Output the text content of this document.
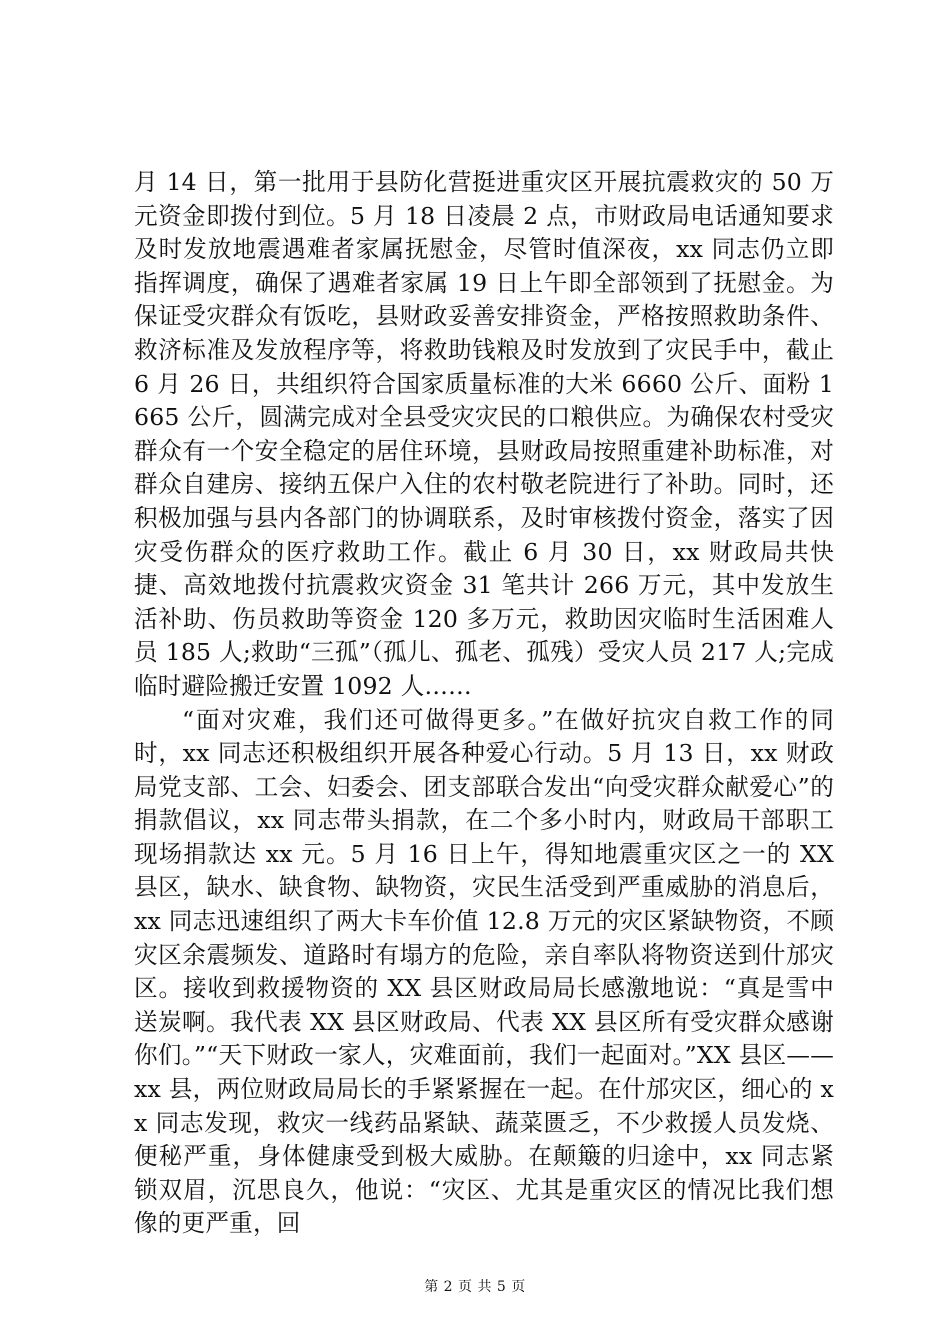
月 14 日，第一批用于县防化营挺进重灾区开展抗震救灾的 50 万元资金即拨付到位。5 月 18 日凌晨 2 点，市财政局电话通知要求及时发放地震遇难者家属抚慰金，尽管时值深夜，xx 同志仍立即指挥调度，确保了遇难者家属 19 日上午即全部领到了抚慰金。为保证受灾群众有饭吃，县财政妥善安排资金，严格按照救助条件、救济标准及发放程序等，将救助钱粮及时发放到了灾民手中，截止 6 月 26 日，共组织符合国家质量标准的大米 6660 公斤、面粉 1665 公斤，圆满完成对全县受灾灾民的口粮供应。为确保农村受灾群众有一个安全稳定的居住环境，县财政局按照重建补助标准，对群众自建房、接纳五保户入住的农村敬老院进行了补助。同时，还积极加强与县内各部门的协调联系，及时审核拨付资金，落实了因灾受伤群众的医疗救助工作。截止 6 月 30 日，xx 财政局共快捷、高效地拨付抗震救灾资金 31 笔共计 266 万元，其中发放生活补助、伤员救助等资金 120 多万元，救助因灾临时生活困难人员 185 人;救助“三孤”（孤儿、孤老、孤残）受灾人员 217 人;完成临时避险搬迁安置 1092 人……

“面对灾难，我们还可做得更多。”在做好抗灾自救工作的同时，xx 同志还积极组织开展各种爱心行动。5 月 13 日，xx 财政局党支部、工会、妇委会、团支部联合发出“向受灾群众献爱心”的捐款倡议，xx 同志带头捐款，在二个多小时内，财政局干部职工现场捐款达 xx 元。5 月 16 日上午，得知地震重灾区之一的 XX 县区，缺水、缺食物、缺物资，灾民生活受到严重威胁的消息后，xx 同志迅速组织了两大卡车价值 12.8 万元的灾区紧缺物资，不顾灾区余震频发、道路时有塌方的危险，亲自率队将物资送到什邡灾区。接收到救援物资的 XX 县区财政局局长感激地说：“真是雪中送炭啊。我代表 XX 县区财政局、代表 XX 县区所有受灾群众感谢你们。”“天下财政一家人，灾难面前，我们一起面对。”XX 县区——xx 县，两位财政局局长的手紧紧握在一起。在什邡灾区，细心的 xx 同志发现，救灾一线药品紧缺、蔬菜匮乏，不少救援人员发烧、便秘严重，身体健康受到极大威胁。在颠簸的归途中，xx 同志紧锁双眉，沉思良久，他说：“灾区、尤其是重灾区的情况比我们想像的更严重，回

第 2 页 共 5 页
